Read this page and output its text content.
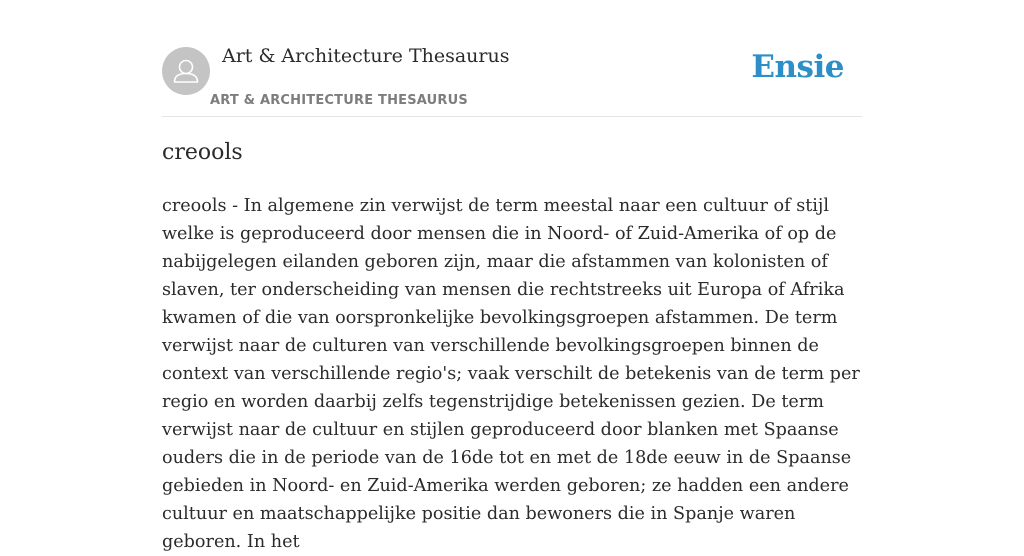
Art & Architecture Thesaurus
ART & ARCHITECTURE THESAURUS
Ensie
creools

creools - In algemene zin verwijst de term meestal naar een cultuur of stijl welke is geproduceerd door mensen die in Noord- of Zuid-Amerika of op de nabijgelegen eilanden geboren zijn, maar die afstammen van kolonisten of slaven, ter onderscheiding van mensen die rechtstreeks uit Europa of Afrika kwamen of die van oorspronkelijke bevolkingsgroepen afstammen. De term verwijst naar de culturen van verschillende bevolkingsgroepen binnen de context van verschillende regio's; vaak verschilt de betekenis van de term per regio en worden daarbij zelfs tegenstrijdige betekenissen gezien. De term verwijst naar de cultuur en stijlen geproduceerd door blanken met Spaanse ouders die in de periode van de 16de tot en met de 18de eeuw in de Spaanse gebieden in Noord- en Zuid-Amerika werden geboren; ze hadden een andere cultuur en maatschappelijke positie dan bewoners die in Spanje waren geboren. In het
